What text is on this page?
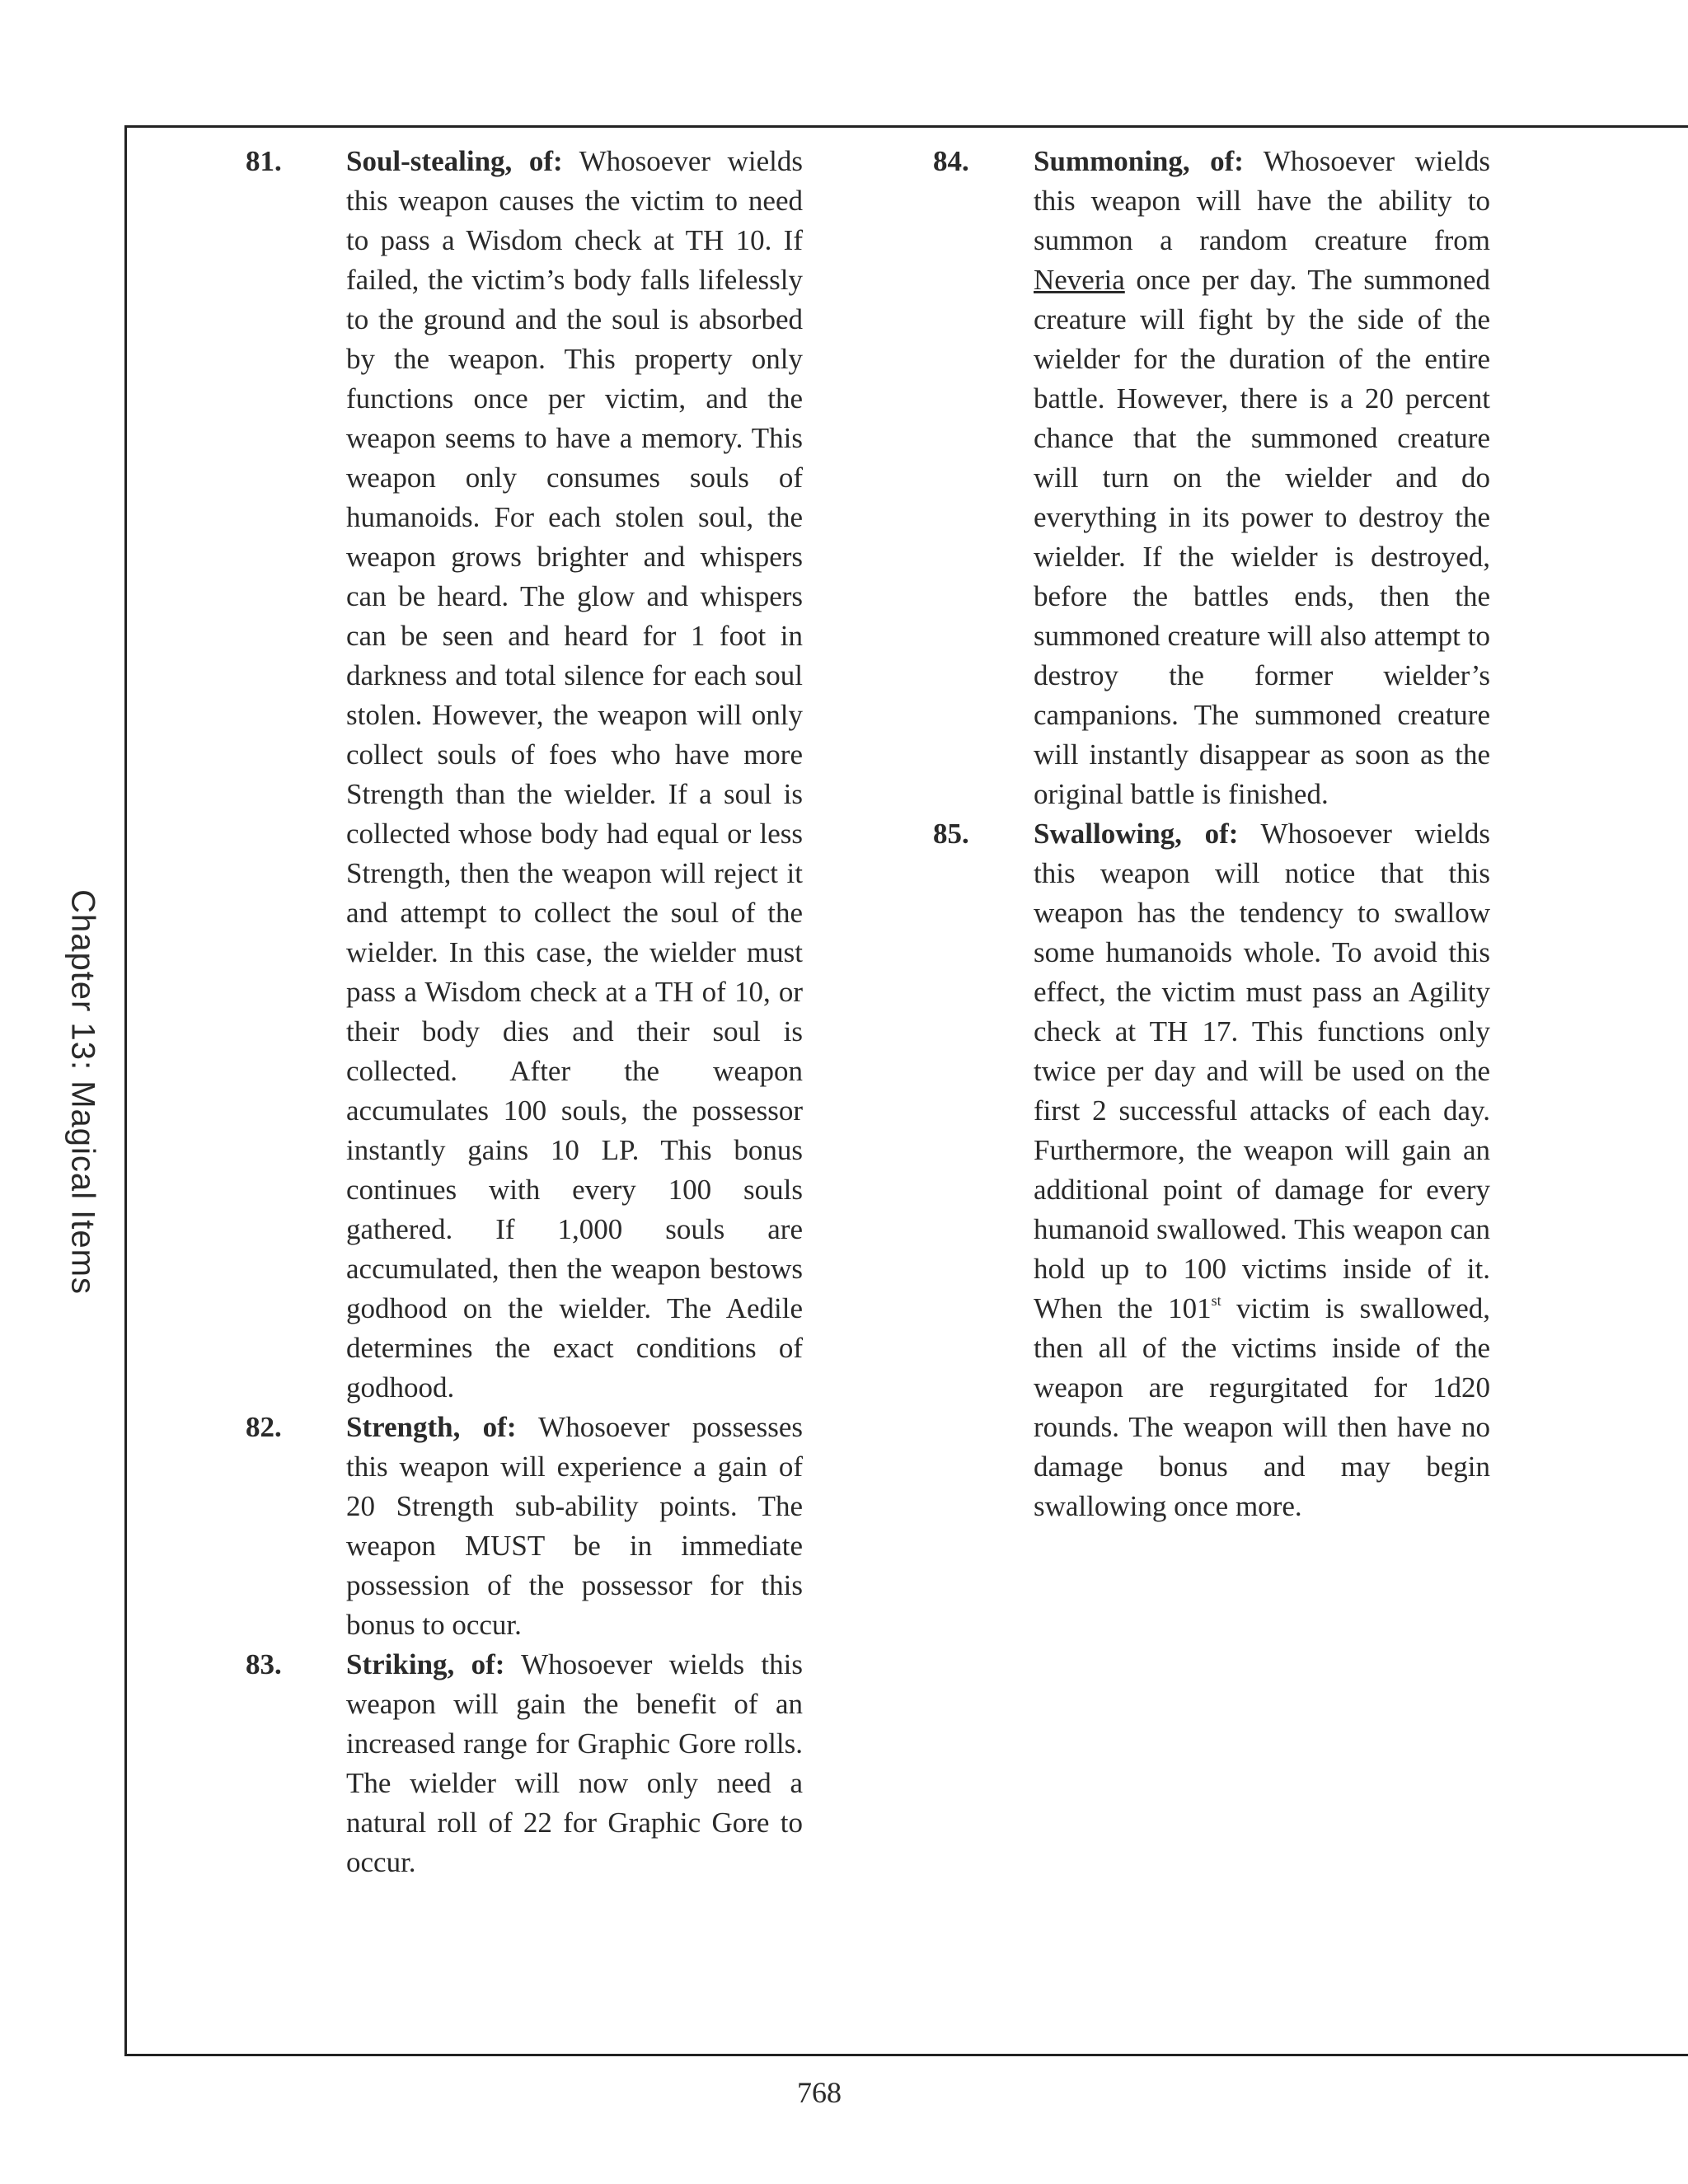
Chapter 13: Magical Items
81. Soul-stealing, of: Whosoever wields this weapon causes the victim to need to pass a Wisdom check at TH 10. If failed, the victim’s body falls lifelessly to the ground and the soul is absorbed by the weapon. This property only functions once per victim, and the weapon seems to have a memory. This weapon only consumes souls of humanoids. For each stolen soul, the weapon grows brighter and whispers can be heard. The glow and whispers can be seen and heard for 1 foot in darkness and total silence for each soul stolen. However, the weapon will only collect souls of foes who have more Strength than the wielder. If a soul is collected whose body had equal or less Strength, then the weapon will reject it and attempt to collect the soul of the wielder. In this case, the wielder must pass a Wisdom check at a TH of 10, or their body dies and their soul is collected. After the weapon accumulates 100 souls, the possessor instantly gains 10 LP. This bonus continues with every 100 souls gathered. If 1,000 souls are accumulated, then the weapon bestows godhood on the wielder. The Aedile determines the exact conditions of godhood.
82. Strength, of: Whosoever possesses this weapon will experience a gain of 20 Strength sub-ability points. The weapon MUST be in immediate possession of the possessor for this bonus to occur.
83. Striking, of: Whosoever wields this weapon will gain the benefit of an increased range for Graphic Gore rolls. The wielder will now only need a natural roll of 22 for Graphic Gore to occur.
84. Summoning, of: Whosoever wields this weapon will have the ability to summon a random creature from Neveria once per day. The summoned creature will fight by the side of the wielder for the duration of the entire battle. However, there is a 20 percent chance that the summoned creature will turn on the wielder and do everything in its power to destroy the wielder. If the wielder is destroyed, before the battles ends, then the summoned creature will also attempt to destroy the former wielder’s campanions. The summoned creature will instantly disappear as soon as the original battle is finished.
85. Swallowing, of: Whosoever wields this weapon will notice that this weapon has the tendency to swallow some humanoids whole. To avoid this effect, the victim must pass an Agility check at TH 17. This functions only twice per day and will be used on the first 2 successful attacks of each day. Furthermore, the weapon will gain an additional point of damage for every humanoid swallowed. This weapon can hold up to 100 victims inside of it. When the 101st victim is swallowed, then all of the victims inside of the weapon are regurgitated for 1d20 rounds. The weapon will then have no damage bonus and may begin swallowing once more.
768
